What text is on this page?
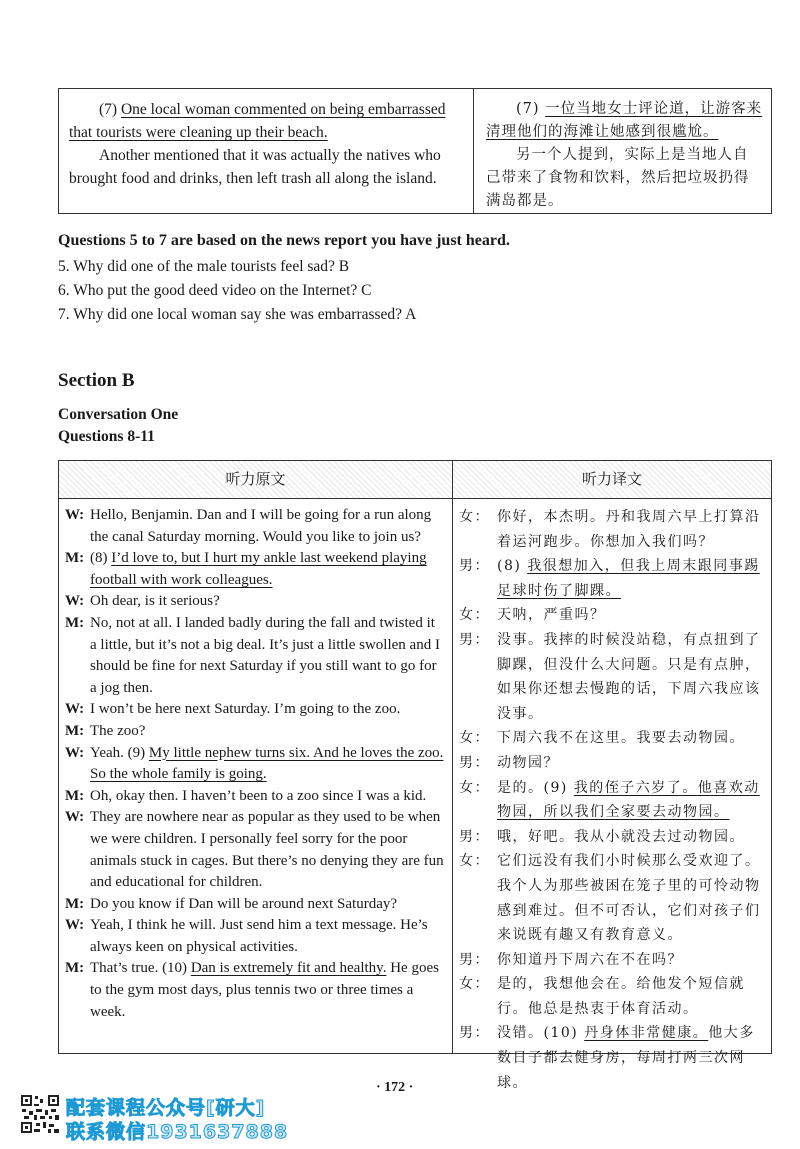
(7) One local woman commented on being embarrassed that tourists were cleaning up their beach.

Another mentioned that it was actually the natives who brought food and drinks, then left trash all along the island.

(7) 一位当地女士评论道，让游客来清理他们的海滩让她感到很尴尬。

另一个人提到，实际上是当地人自己带来了食物和饮料，然后把垃圾扔得满岛都是。

Questions 5 to 7 are based on the news report you have just heard.
5. Why did one of the male tourists feel sad? B
6. Who put the good deed video on the Internet? C
7. Why did one local woman say she was embarrassed? A
Section B
Conversation One
Questions 8-11
听力原文
W: Hello, Benjamin. Dan and I will be going for a run along the canal Saturday morning. Would you like to join us?
M: (8) I’d love to, but I hurt my ankle last weekend playing football with work colleagues.
W: Oh dear, is it serious?
M: No, not at all. I landed badly during the fall and twisted it a little, but it’s not a big deal. It’s just a little swollen and I should be fine for next Saturday if you still want to go for a jog then.
W: I won’t be here next Saturday. I’m going to the zoo.
M: The zoo?
W: Yeah. (9) My little nephew turns six. And he loves the zoo. So the whole family is going.
M: Oh, okay then. I haven’t been to a zoo since I was a kid.
W: They are nowhere near as popular as they used to be when we were children. I personally feel sorry for the poor animals stuck in cages. But there’s no denying they are fun and educational for children.
M: Do you know if Dan will be around next Saturday?
W: Yeah, I think he will. Just send him a text message. He’s always keen on physical activities.
M: That’s true. (10) Dan is extremely fit and healthy. He goes to the gym most days, plus tennis two or three times a week.
听力译文
女： 你好，本杰明。丹和我周六早上打算沿着运河跑步。你想加入我们吗？
男： (8) 我很想加入，但我上周末跟同事踢足球时伤了脚踝。
女： 天呐，严重吗？
男： 没事。我摔的时候没站稳，有点扭到了脚踝，但没什么大问题。只是有点肿，如果你还想去慢跑的话，下周六我应该没事。
女： 下周六我不在这里。我要去动物园。
男： 动物园？
女： 是的。(9) 我的侄子六岁了。他喜欢动物园，所以我们全家要去动物园。
男： 哦，好吧。我从小就没去过动物园。
女： 它们远没有我们小时候那么受欢迎了。我个人为那些被困在笼子里的可怜动物感到难过。但不可否认，它们对孩子们来说既有趣又有教育意义。
男： 你知道丹下周六在不在吗？
女： 是的，我想他会在。给他发个短信就行。他总是热衷于体育活动。
男： 没错。(10) 丹身体非常健康。他大多数日子都去健身房，每周打两三次网球。
· 172 ·
配套课程公众号[研大]
联系微信1931637888
